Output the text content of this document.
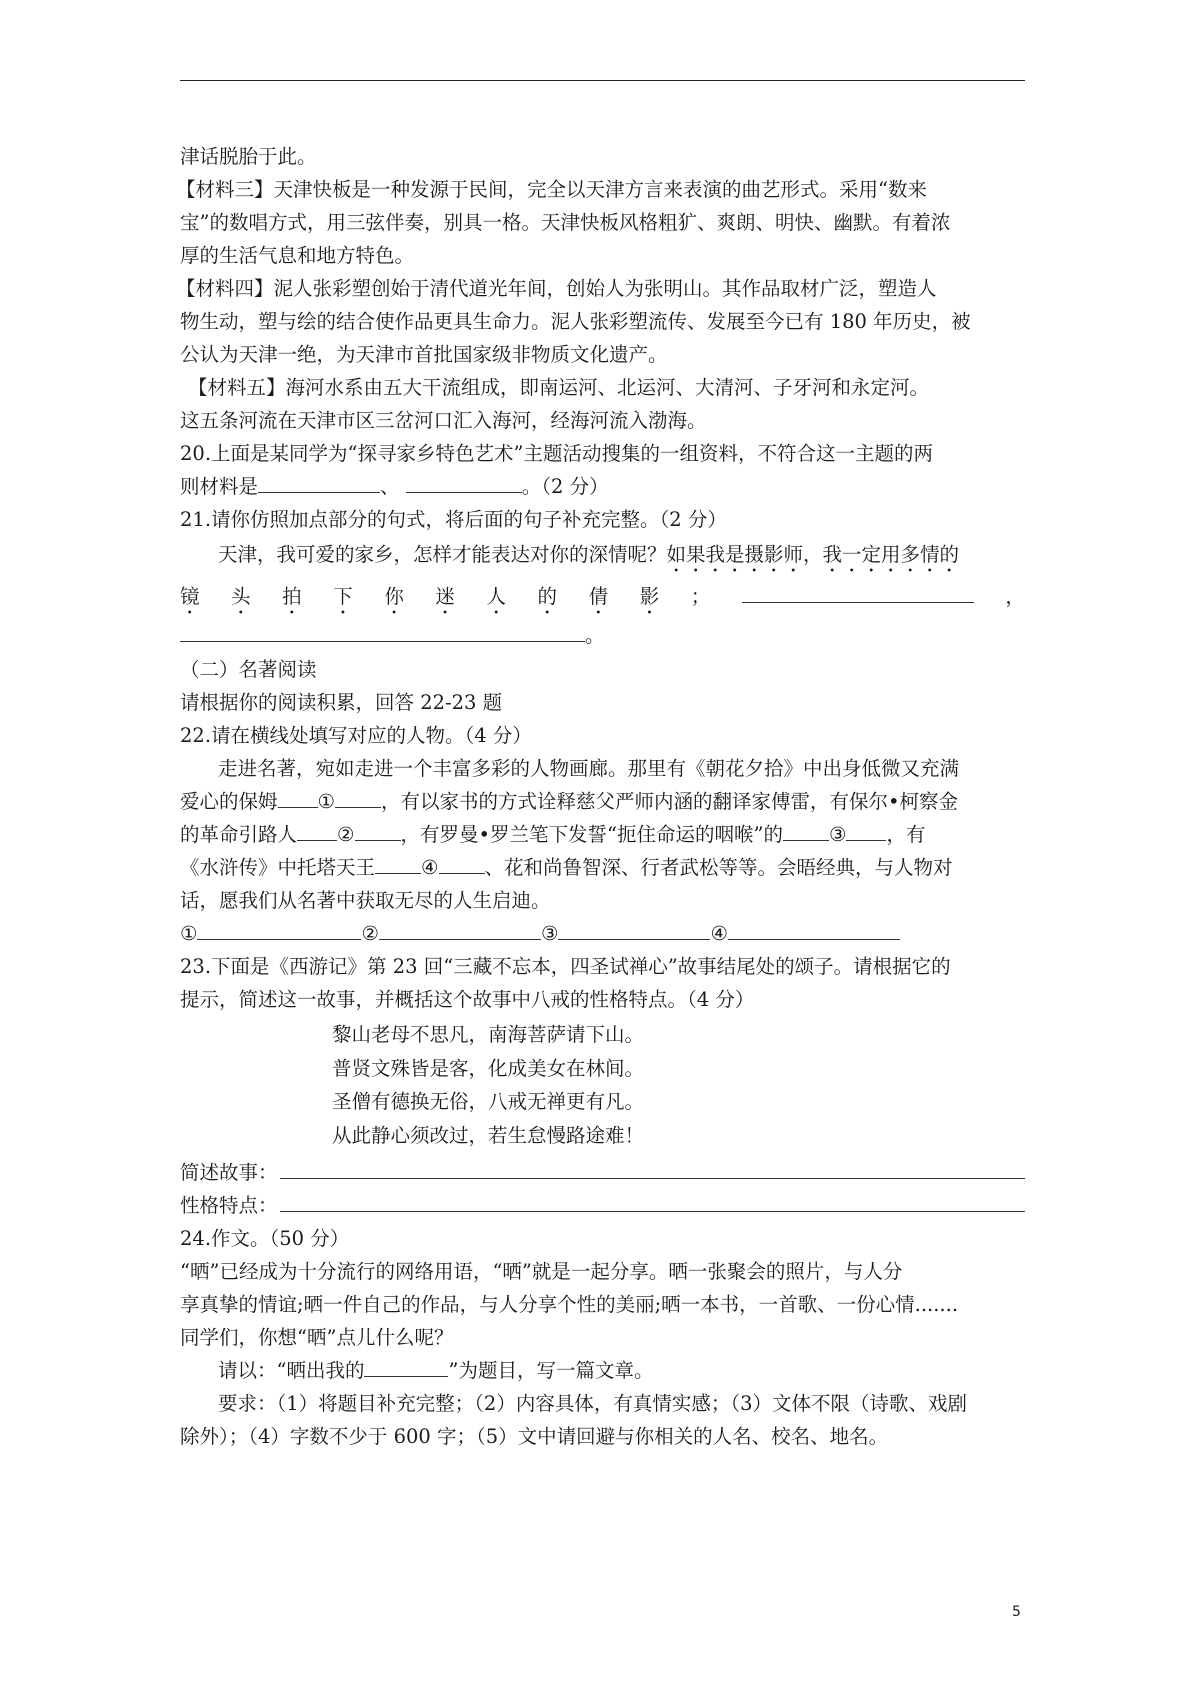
津话脱胎于此。

【材料三】天津快板是一种发源于民间，完全以天津方言来表演的曲艺形式。采用“数来

宝”的数唱方式，用三弦伴奏，别具一格。天津快板风格粗犷、爽朗、明快、幽默。有着浓

厚的生活气息和地方特色。

【材料四】泥人张彩塑创始于清代道光年间，创始人为张明山。其作品取材广泛，塑造人

物生动，塑与绘的结合使作品更具生命力。泥人张彩塑流传、发展至今已有 180 年历史，被

公认为天津一绝，为天津市首批国家级非物质文化遗产。

【材料五】海河水系由五大干流组成，即南运河、北运河、大清河、子牙河和永定河。

这五条河流在天津市区三岔河口汇入海河，经海河流入渤海。

20.上面是某同学为“探寻家乡特色艺术”主题活动搜集的一组资料，不符合这一主题的两

则材料是	、	。（2 分）

21.请你仿照加点部分的句式，将后面的句子补充完整。（2 分）

天津，我可爱的家乡，怎样才能表达对你的深情呢？如果我是摄影师，我一定用多情的

镜 头 拍 下 你 迷 人 的 倩 影 ；	，

。

（二）名著阅读

请根据你的阅读积累，回答 22-23 题

22.请在横线处填写对应的人物。（4 分）

走进名著，宛如走进一个丰富多彩的人物画廊。那里有《朝花夕拾》中出身低微又充满

爱心的保姆 ① ，有以家书的方式诠释慈父严师内涵的翻译家傅雷，有保尔•柯察金

的革命引路人 ② ，有罗曼•罗兰笔下发誓“扼住命运的咽喉”的 ③ ，有

《水浒传》中托塔天王 ④ 、花和尚鲁智深、行者武松等等。会晤经典，与人物对

话，愿我们从名著中获取无尽的人生启迪。

①	②	③	④

23.下面是《西游记》第 23 回“三藏不忘本，四圣试禅心”故事结尾处的颂子。请根据它的

提示，简述这一故事，并概括这个故事中八戒的性格特点。（4 分）

黎山老母不思凡，南海菩萨请下山。

普贤文殊皆是客，化成美女在林间。

圣僧有德换无俗，八戒无禅更有凡。

从此静心须改过，若生怠慢路途难！

简述故事：
性格特点：

24.作文。（50 分）

“晒”已经成为十分流行的网络用语，“晒”就是一起分享。晒一张聚会的照片，与人分

享真挚的情谊;晒一件自己的作品，与人分享个性的美丽;晒一本书，一首歌、一份心情.......

同学们，你想“晒”点儿什么呢？

请以：“晒出我的	”为题目，写一篇文章。

要求：（1）将题目补充完整；（2）内容具体，有真情实感；（3）文体不限（诗歌、戏剧

除外）；（4）字数不少于 600 字；（5）文中请回避与你相关的人名、校名、地名。

5
